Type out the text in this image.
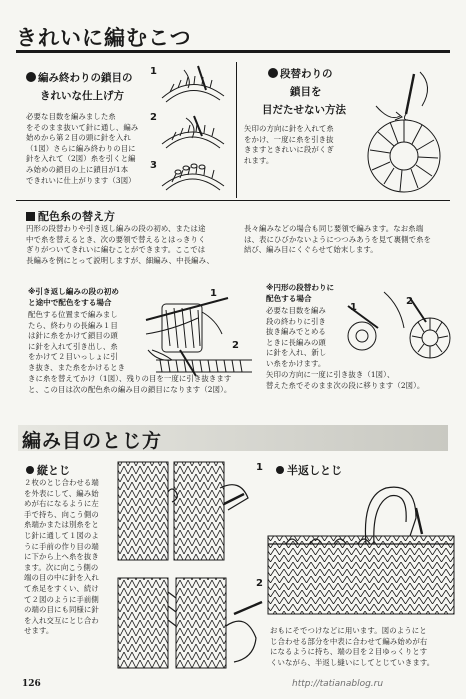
きれいに編むこつ
編み終わりの鎖目の
きれいな仕上げ方
必要な目数を編みました糸
をそのまま抜いて針に通し、編み
始めから第２目の頭に針を入れ
（1図）さらに編み終わりの目に
針を入れて（2図）糸を引くと編
み始めの鎖目の上に鎖目が1本
できれいに仕上がります（3図）
1
2
3
段替わりの
鎖目を
目だたせない方法
矢印の方向に針を入れて糸
をかけ、一度に糸を引き抜
きますときれいに段がくぎ
れます。
配色糸の替え方
円形の段替わりや引き返し編みの段の初め、または途
中で糸を替えるとき、次の要領で替えるとはっきりく
ぎりがついてきれいに編むことができます。ここでは
長編みを例にとって説明しますが、細編み、中長編み、
長々編みなどの場合も同じ要領で編みます。なお糸端
は、表にひびかないようにつつみあうを見て裏側で糸を
結び、編み目にくぐらせて始末します。
※引き返し編みの段の初め
と途中で配色をする場合
配色する位置まで編みまし
たら、終わりの長編み１目
は針に糸をかけて鎖目の頭
に針を入れて引き出し、糸
をかけて２目いっしょに引
き抜き、また糸をかけるとき
きに糸を替えてかけ（1図）、残りの目を一度に引き抜きます
と、この目は次の配色糸の編み目の鎖目になります（2図）。
1
2
※円形の段替わりに
配色する場合
必要な目数を編み
段の終わりに引き
抜き編みでとめる
ときに長編みの頭
に針を入れ、新し
い糸をかけます。
矢印の方向に一度に引き抜き（1図）、
替えた糸でそのまま次の段に移ります（2図）。
1
2
編み目のとじ方
縦とじ
２枚のとじ合わせる端
を外表にして、編み始
めが右になるように左
手で持ち、向こう側の
糸端かまたは別糸をと
じ針に通して１図のよ
うに手前の作り目の端
に下から上へ糸を抜き
ます。次に向こう側の
端の目の中に針を入れ
て糸足をすくい、続け
て２図のように手前側
の端の目にも同様に針
を入れ交互にとじ合わ
せます。
1
2
半返しとじ
おもにそでつけなどに用います。図のようにと
じ合わせる部分を中表に合わせて編み始めが右
になるように持ち、端の目を２目ゆっくりとす
くいながら、半返し縫いにしてとじていきます。
126	http://tatianablog.ru
